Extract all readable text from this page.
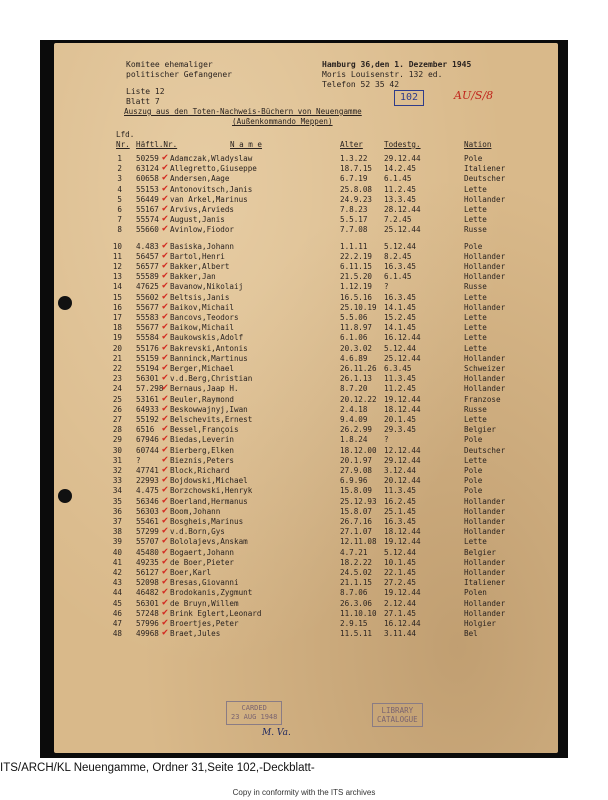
Komitee ehemaliger
politischer Gefangener
Hamburg 36,den 1. Dezember 1945
Moris Louisenstr. 132 ed.
Telefon 52 35 42
Liste 12
Blatt 7	102	AU/S/8
Auszug aus den Toten-Nachweis-Büchern von Neuengamme
(Außenkommando Meppen)
Lfd.
Nr. Häftl.Nr.	N a m e	Alter	Todestg.	Nation
1 50259 Adamczak,Wladyslaw	1.3.22 29.12.44	Pole
✔
2 63124 Allegretto,Giuseppe	18.7.15 14.2.45	Italiener
✔
3 60658 Andersen,Aage	6.7.19 6.1.45	Deutscher
✔
4 55153 Antonovitsch,Janis	25.8.08 11.2.45	Lette
✔
5 56449 van Arkel,Marinus	24.9.23 13.3.45	Hollander
✔
6 55167 Arvivs,Arvieds	7.8.23 28.12.44	Lette
✔
7 55574 August,Janis	5.5.17 7.2.45	Lette
✔
8 55660 Avinlow,Fiodor	7.7.08 25.12.44	Russe
✔
10 4.483 Basiska,Johann	1.1.11 5.12.44	Pole
✔
11 56457 Bartol,Henri	22.2.19 8.2.45	Hollander
✔
12 56577 Bakker,Albert	6.11.15 16.3.45	Hollander
✔
13 55589 Bakker,Jan	21.5.20 6.1.45	Hollander
✔
14 47625 Bavanow,Nikolaij	1.12.19 ?	Russe
✔
15 55602 Beltsis,Janis	16.5.16 16.3.45	Lette
✔
16 55677 Baikov,Michail	25.10.19 14.1.45	Hollander
✔
17 55583 Bancovs,Teodors	5.5.06 15.2.45	Lette
✔
18 55677 Baikow,Michail	11.8.97 14.1.45	Lette
✔
19 55584 Baukowskis,Adolf	6.1.06 16.12.44	Lette
✔
20 55176 Bakrevski,Antonis	20.3.02 5.12.44	Lette
✔
21 55159 Banninck,Martinus	4.6.89 25.12.44	Hollander
✔
22 55194 Berger,Michael	26.11.26 6.3.45	Schweizer
✔
23 56301 v.d.Berg,Christian	26.1.13 11.3.45	Hollander
✔
24 57.298 Bernaus,Jaap H.	8.7.20 11.2.45	Hollander
✔
25 53161 Beuler,Raymond	20.12.22 19.12.44	Franzose
✔
26 64933 Beskowwajnyj,Iwan	2.4.18 18.12.44	Russe
✔
27 55192 Belschevits,Ernest	9.4.09 20.1.45	Lette
✔
28 6516 Bessel,François	26.2.99 29.3.45	Belgier
✔
29 67946 Biedas,Leverin	1.8.24 ?	Pole
✔
30 60744 Bierberg,Elken	18.12.00 12.12.44	Deutscher
✔
31 ?	Bieznis,Peters	20.1.97 29.12.44	Lette
✔
32 47741 Block,Richard	27.9.08 3.12.44	Pole
✔
33 22993 Bojdowski,Michael	6.9.96 20.12.44	Pole
✔
34 4.475 Borzchowski,Henryk	15.8.09 11.3.45	Pole
✔
35 56346 Boerland,Hermanus	25.12.93 16.2.45	Hollander
✔
36 56303 Boom,Johann	15.8.07 25.1.45	Hollander
✔
37 55461 Bosgheis,Marinus	26.7.16 16.3.45	Hollander
✔
38 57299 v.d.Born,Gys	27.1.07 18.12.44	Hollander
✔
39 55707 Bololajevs,Anskam	12.11.08 19.12.44	Lette
✔
40 45480 Bogaert,Johann	4.7.21 5.12.44	Belgier
✔
41 49235 de Boer,Pieter	18.2.22 10.1.45	Hollander
✔
42 56127 Boer,Karl	24.5.02 22.1.45	Hollander
✔
43 52098 Bresas,Giovanni	21.1.15 27.2.45	Italiener
✔
44 46482 Brodokanis,Zygmunt	8.7.06 19.12.44	Polen
✔
45 56301 de Bruyn,Willem	26.3.06 2.12.44	Hollander
✔
46 57248 Brink Eglert,Leonard	11.10.10 27.1.45	Hollander
✔
47 57996 Broertjes,Peter	2.9.15 16.12.44	Holgier
✔
48 49968 Braet,Jules	11.5.11 3.11.44	Bel
✔
CARDED
23 AUG 1948
LIBRARY
CATALOGUE
M. Va.
ITS/ARCH/KL Neuengamme, Ordner 31,Seite 102,-Deckblatt-
Copy in conformity with the ITS archives
